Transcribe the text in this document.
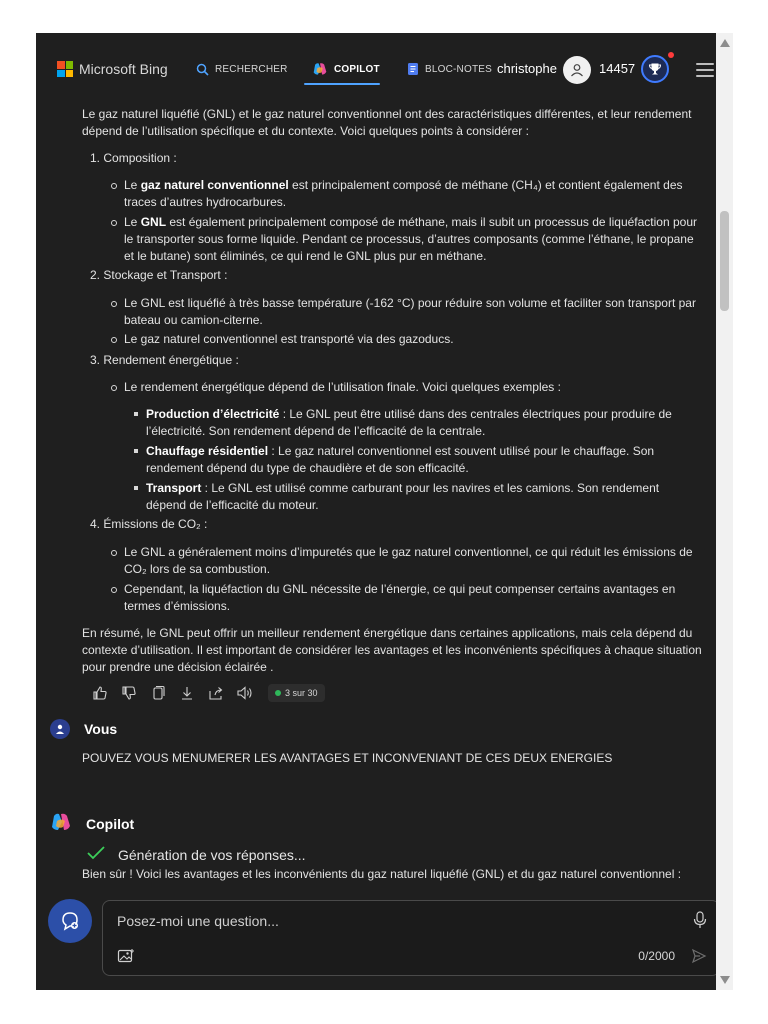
Le gaz naturel liquéfié (GNL) et le gaz naturel conventionnel ont des caractéristiques différentes, et leur rendement dépend de l’utilisation spécifique et du contexte. Voici quelques points à considérer :
1. Composition :
Le gaz naturel conventionnel est principalement composé de méthane (CH₄) et contient également des traces d’autres hydrocarbures.
Le GNL est également principalement composé de méthane, mais il subit un processus de liquéfaction pour le transporter sous forme liquide. Pendant ce processus, d’autres composants (comme l’éthane, le propane et le butane) sont éliminés, ce qui rend le GNL plus pur en méthane.
2. Stockage et Transport :
Le GNL est liquéfié à très basse température (-162 °C) pour réduire son volume et faciliter son transport par bateau ou camion-citerne.
Le gaz naturel conventionnel est transporté via des gazoducs.
3. Rendement énergétique :
Le rendement énergétique dépend de l’utilisation finale. Voici quelques exemples :
Production d’électricité : Le GNL peut être utilisé dans des centrales électriques pour produire de l’électricité. Son rendement dépend de l’efficacité de la centrale.
Chauffage résidentiel : Le gaz naturel conventionnel est souvent utilisé pour le chauffage. Son rendement dépend du type de chaudière et de son efficacité.
Transport : Le GNL est utilisé comme carburant pour les navires et les camions. Son rendement dépend de l’efficacité du moteur.
4. Émissions de CO₂ :
Le GNL a généralement moins d’impuretés que le gaz naturel conventionnel, ce qui réduit les émissions de CO₂ lors de sa combustion.
Cependant, la liquéfaction du GNL nécessite de l’énergie, ce qui peut compenser certains avantages en termes d’émissions.
En résumé, le GNL peut offrir un meilleur rendement énergétique dans certaines applications, mais cela dépend du contexte d’utilisation. Il est important de considérer les avantages et les inconvénients spécifiques à chaque situation pour prendre une décision éclairée .
3 sur 30
Vous
POUVEZ VOUS MENUMERER LES AVANTAGES ET INCONVENIANT DE CES DEUX ENERGIES
Copilot
Génération de vos réponses...
Bien sûr ! Voici les avantages et les inconvénients du gaz naturel liquéfié (GNL) et du gaz naturel conventionnel :
Posez-moi une question...
0/2000
Microsoft Bing	RECHERCHER	COPILOT	BLOC-NOTES christophe	14457
